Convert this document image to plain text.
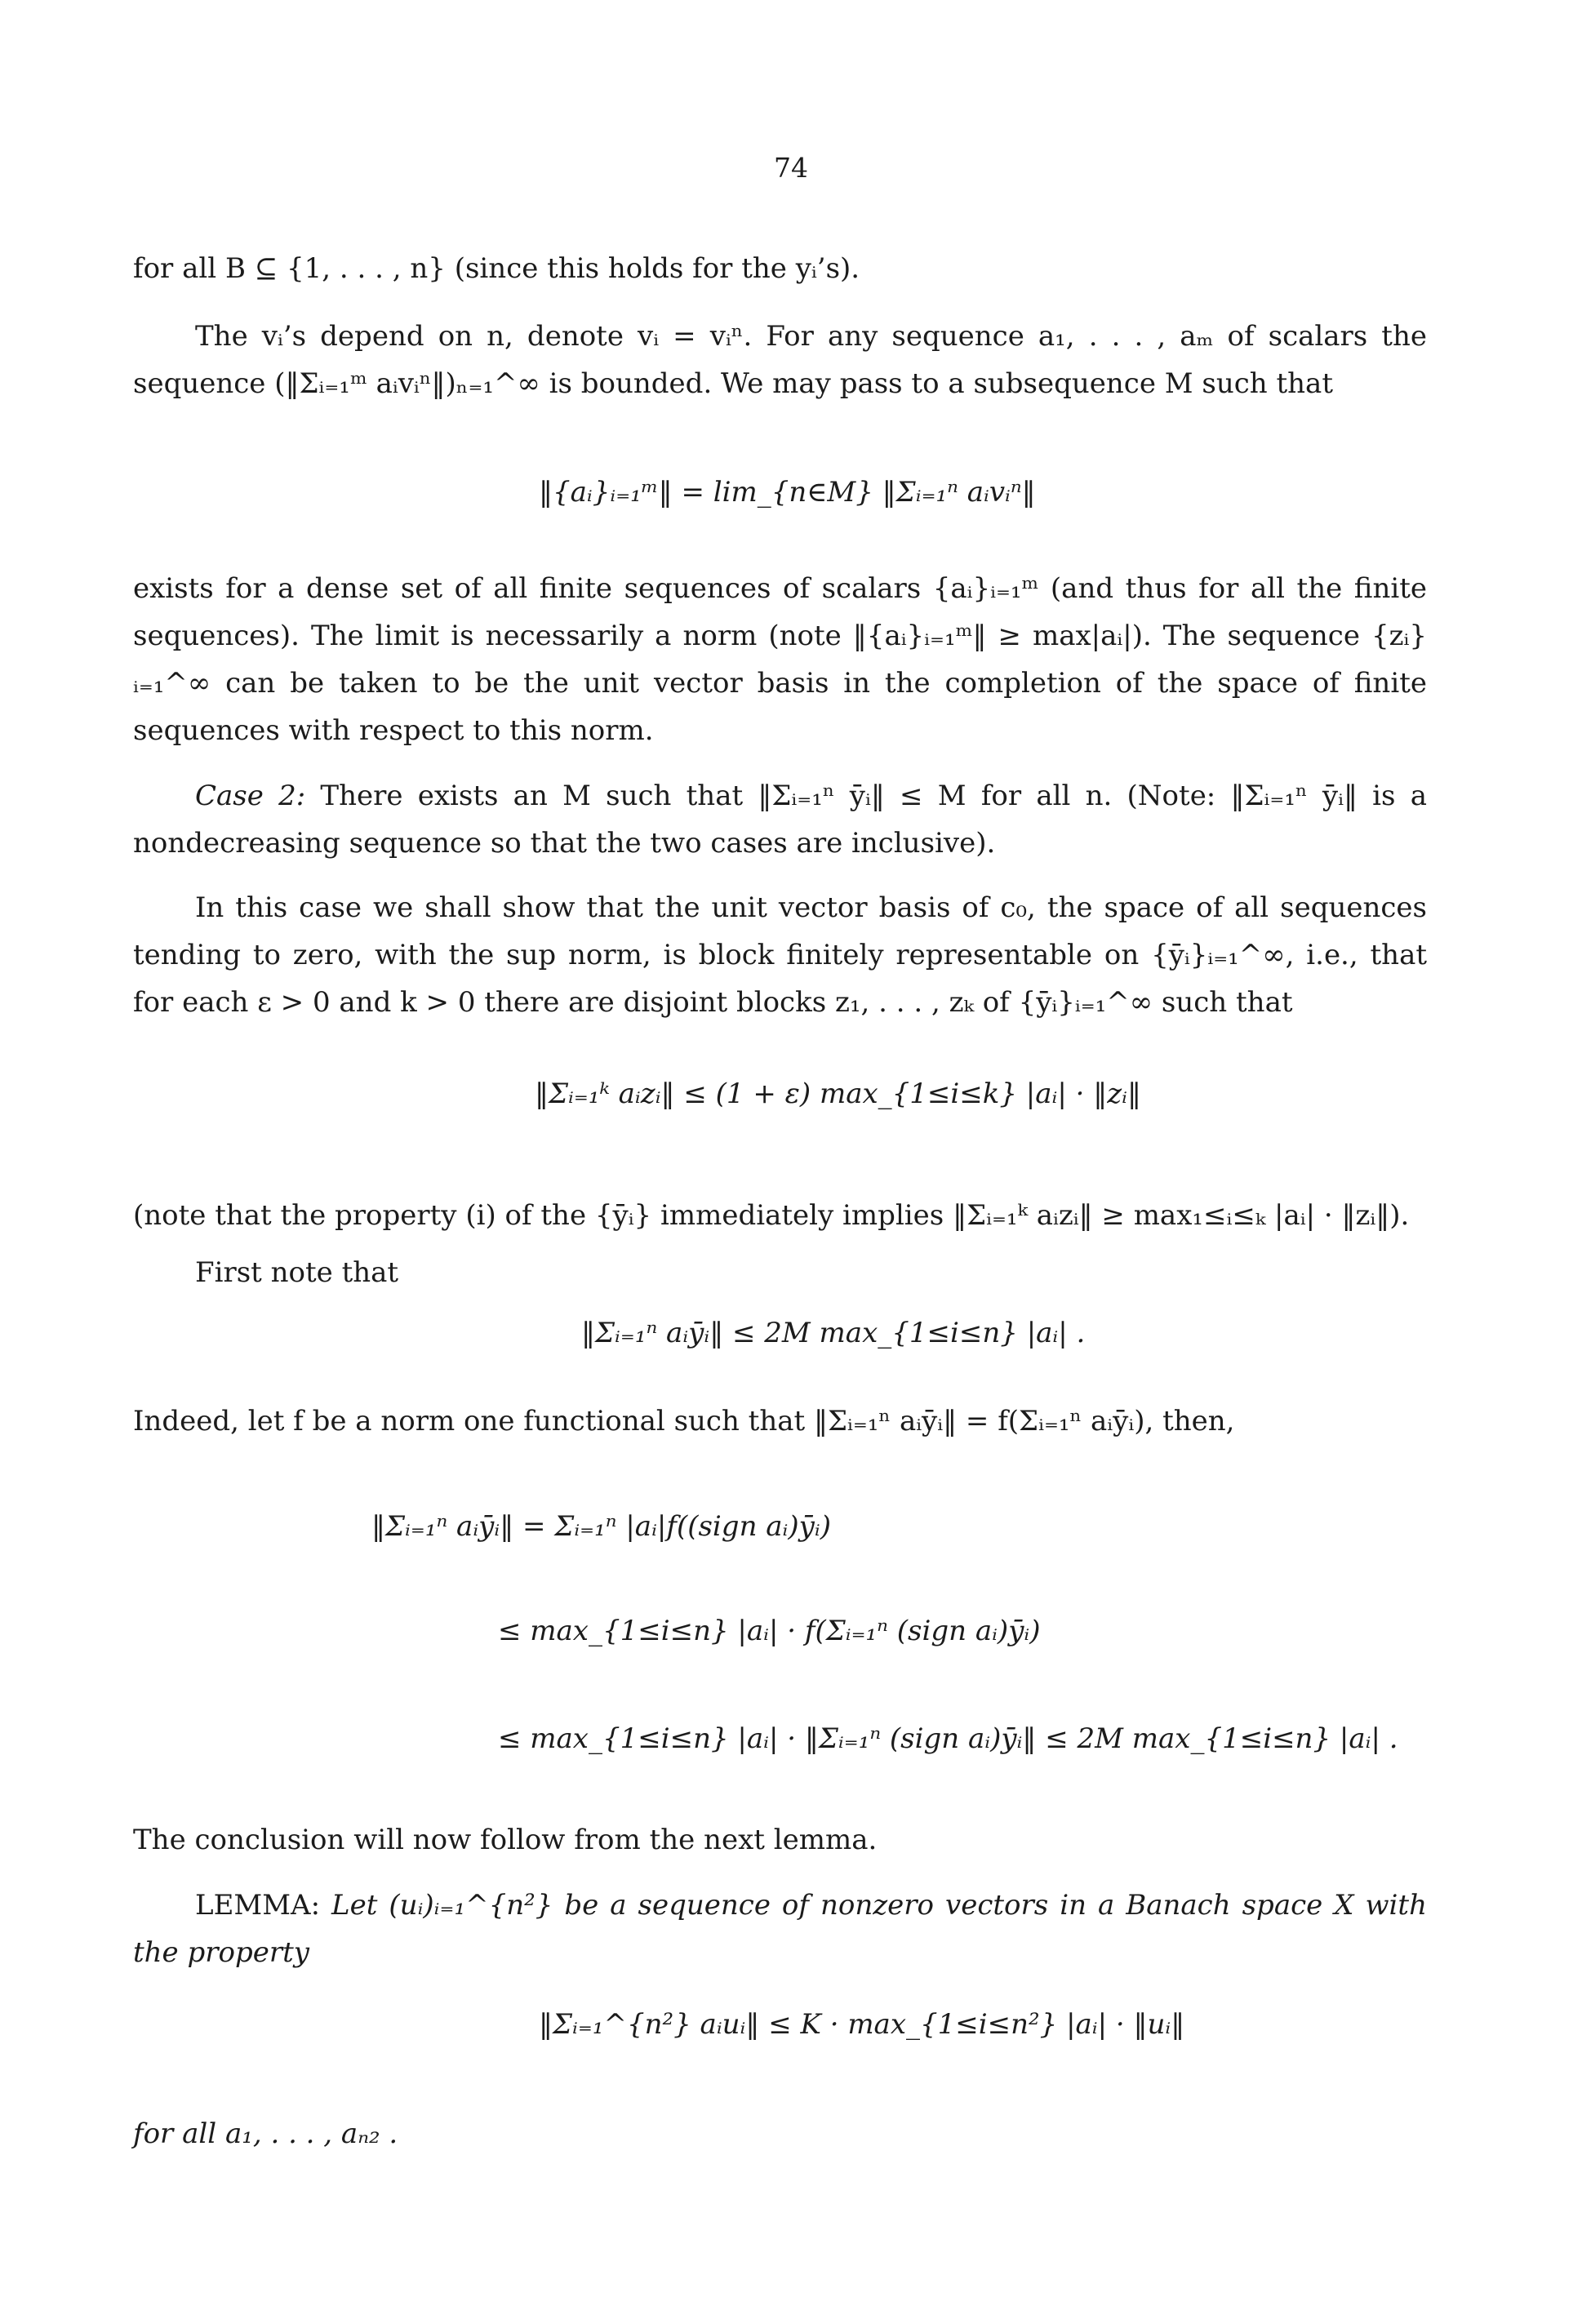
74
for all B ⊆ {1, . . . , n} (since this holds for the yᵢ’s).
The vᵢ’s depend on n, denote vᵢ = vᵢⁿ. For any sequence a₁, . . . , aₘ of scalars the sequence (‖Σᵢ₌₁ᵐ aᵢvᵢⁿ‖)ₙ₌₁^∞ is bounded. We may pass to a subsequence M such that
‖{aᵢ}ᵢ₌₁ᵐ‖ = lim_{n∈M} ‖Σᵢ₌₁ⁿ aᵢvᵢⁿ‖
exists for a dense set of all finite sequences of scalars {aᵢ}ᵢ₌₁ᵐ (and thus for all the finite sequences). The limit is necessarily a norm (note ‖{aᵢ}ᵢ₌₁ᵐ‖ ≥ max|aᵢ|). The sequence {zᵢ}ᵢ₌₁^∞ can be taken to be the unit vector basis in the completion of the space of finite sequences with respect to this norm.
Case 2: There exists an M such that ‖Σᵢ₌₁ⁿ ȳᵢ‖ ≤ M for all n. (Note: ‖Σᵢ₌₁ⁿ ȳᵢ‖ is a nondecreasing sequence so that the two cases are inclusive).
In this case we shall show that the unit vector basis of c₀, the space of all sequences tending to zero, with the sup norm, is block finitely representable on {ȳᵢ}ᵢ₌₁^∞, i.e., that for each ε > 0 and k > 0 there are disjoint blocks z₁, . . . , zₖ of {ȳᵢ}ᵢ₌₁^∞ such that
‖Σᵢ₌₁ᵏ aᵢzᵢ‖ ≤ (1 + ε) max_{1≤i≤k} |aᵢ| · ‖zᵢ‖
(note that the property (i) of the {ȳᵢ} immediately implies ‖Σᵢ₌₁ᵏ aᵢzᵢ‖ ≥ max₁≤ᵢ≤ₖ |aᵢ| · ‖zᵢ‖).
First note that
‖Σᵢ₌₁ⁿ aᵢȳᵢ‖ ≤ 2M max_{1≤i≤n} |aᵢ| .
Indeed, let f be a norm one functional such that ‖Σᵢ₌₁ⁿ aᵢȳᵢ‖ = f(Σᵢ₌₁ⁿ aᵢȳᵢ), then,
‖Σᵢ₌₁ⁿ aᵢȳᵢ‖ = Σᵢ₌₁ⁿ |aᵢ|f((sign aᵢ)ȳᵢ)
≤ max_{1≤i≤n} |aᵢ| · f(Σᵢ₌₁ⁿ (sign aᵢ)ȳᵢ)
≤ max_{1≤i≤n} |aᵢ| · ‖Σᵢ₌₁ⁿ (sign aᵢ)ȳᵢ‖ ≤ 2M max_{1≤i≤n} |aᵢ| .
The conclusion will now follow from the next lemma.
LEMMA: Let (uᵢ)ᵢ₌₁^{n²} be a sequence of nonzero vectors in a Banach space X with the property
‖Σᵢ₌₁^{n²} aᵢuᵢ‖ ≤ K · max_{1≤i≤n²} |aᵢ| · ‖uᵢ‖
for all a₁, . . . , aₙ₂ .
